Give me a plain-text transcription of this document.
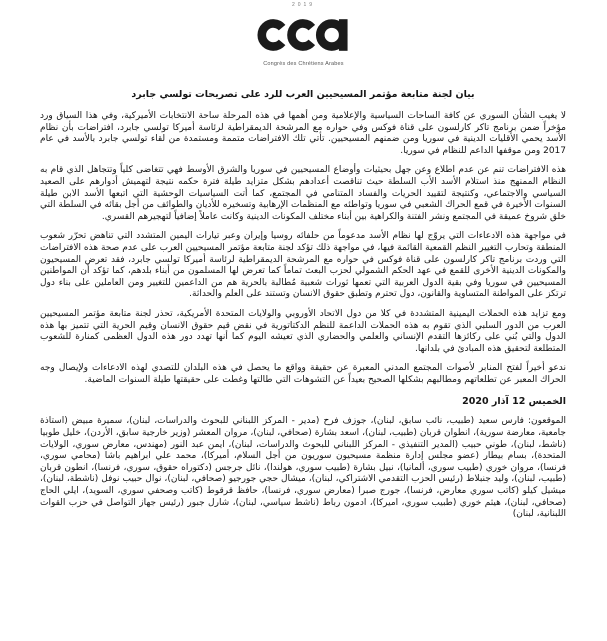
2019
Congrès des Chrétiens Arabes
بيان لجنة متابعة مؤتمر المسيحيين العرب للرد على تصريحات تولسي جابرد

لا يغيب الشأن السوري عن كافة الساحات السياسية والإعلامية ومن أهمها في هذه المرحلة ساحة الانتخابات الأميركية، وفي هذا السياق ورد مؤخراً ضمن برنامج تاكر كارلسون على قناة فوكس وفي حواره مع المرشحة الديمقراطية لرئاسة أميركا تولسي جابرد، افتراضات بأن نظام الأسد يحمي الأقليات الدينية في سوريا ومن ضمنهم المسيحيين. تأتي تلك الافتراضات متممة ومستمدة من لقاء تولسي جابرد بالأسد في عام 2017 ومن موقفها الداعم للنظام في سوريا.

هذه الافتراضات تنم عن عدم اطلاع وعن جهل بحيثيات وأوضاع المسيحيين في سوريا والشرق الأوسط فهي تتغاضى كلياً وتتجاهل الذي قام به النظام الممنهج منذ استلام الأسد الأب السلطة حيث تناقصت أعدادهم بشكل متزايد طيلة فترة حكمه نتيجة لتهميش أدوارهم على الصعيد السياسي والاجتماعي، وكنتيجة لتقييد الحريات والفساد المتنامي في المجتمع، كما أتت السياسيات الوحشية التي اتبعها الأسد الابن طيلة السنوات الأخيرة في قمع الحراك الشعبي في سوريا وتواطئه مع المنظمات الإرهابية وتسخيره للأديان والطوائف من أجل بقائه في السلطة التي خلق شروخ عميقة في المجتمع ونشر الفتنة والكراهية بين أبناء مختلف المكونات الدينية وكانت عاملاً إضافياً لتهجيرهم القسري.

في مواجهة هذه الادعاءات التي يروّج لها نظام الأسد مدعوماً من حلفائه روسيا وإيران وعبر تيارات اليمين المتشدد التي تناهض تحرّر شعوب المنطقة وتحارب التغيير النظم القمعية القائمة فيها، في مواجهة ذلك تؤكد لجنة متابعة مؤتمر المسيحيين العرب على عدم صحة هذه الافتراضات التي وردت برنامج تاكر كارلسون على قناة فوكس في حواره مع المرشحة الديمقراطية لرئاسة أميركا تولسي جابرد، فقد تعرض المسيحيون والمكونات الدينية الأخرى للقمع في عهد الحكم الشمولي لحزب البعث تماماً كما تعرض لها المسلمون من أبناء بلدهم، كما تؤكد أن المواطنين المسيحيين في سوريا وفي بقية الدول العربية التي تعمها ثورات شعبية مُطالبة بالحرية هم من الداعمين للتغيير ومن العاملين على بناء دول ترتكز على المواطنة المتساوية والقانون، دول تحترم وتطبق حقوق الانسان وتستند على العلم والحداثة.

ومع تزايد هذه الحملات اليمينية المتشددة في كلا من دول الاتحاد الأوروبي والولايات المتحدة الأمريكية، تحذر لجنة متابعة مؤتمر المسيحيين العرب من الدور السلبي الذي تقوم به هذه الحملات الداعمة للنظم الدكتاتورية في نقض قيم حقوق الانسان وقيم الحرية التي تتميز بها هذه الدول والتي بُني على ركائزها التقدم الإنساني والعلمي والحضاري الذي تعيشه اليوم كما أنها تهدد دور هذه الدول العظمى كمنارة للشعوب المتطلعة لتحقيق هذه المبادئ في بلدانها.

ندعو أخيراً لفتح المنابر لأصوات المجتمع المدني المعبرة عن حقيقة وواقع ما يحصل في هذه البلدان للتصدي لهذه الادعاءات ولإيصال وجه الحراك المعبر عن تطلعاتهم ومطالبهم بشكلها الصحيح بعيداً عن التشوهات التي طالتها وغطت على حقيقتها طيلة السنوات الماضية.

الخميس 12 آذار 2020

الموقعون: فارس سعيد (طبيب، نائب سابق، لبنان)، جوزف فرح (مدير - المركز اللبناني للبحوث والدراسات، لبنان)، سميرة مبيض (استاذة جامعية، معارضة سورية)، انطوان قربان (طبيب، لبنان)، اسعد بشارة (صحافي، لبنان)، مروان المعشر (وزير خارجية سابق، الأردن)، خليل طوبيا (ناشط، لبنان)، طوني حبيب (المدير التنفيذي - المركز اللبناني للبحوث والدراسات، لبنان)، ايمن عبد النور (مهندس، معارض سوري، الولايات المتحدة)، بسام بيطار (عضو مجلس إدارة منظمة مسيحيون سوريون من أجل السلام، أميركا)، محمد علي ابراهيم باشا (محامي سوري، فرنسا)، مروان خوري (طبيب سوري، ألمانيا)، نبيل بشارة (طبيب سوري، هولندا)، نائل جرجس (دكتوراه حقوق، سوري، فرنسا)، انطون قربان (طبيب، لبنان)، وليد جنبلاط (رئيس الحزب التقدمي الاشتراكي، لبنان)، ميشال حجي جورجيو (صحافي، لبنان)، نوال حبيب نوفل (ناشطة، لبنان)، ميشيل كيلو (كاتب سوري معارض، فرنسا)، جورج صبرا (معارض سوري، فرنسا)، حافظ قرقوط (كاتب وصحفي سوري، السويد)، ايلي الحاج (صحافي، لبنان)، هيثم خوري (طبيب سوري، اميركا)، ادمون رباط (ناشط سياسي، لبنان)، شارل جبور (رئيس جهاز التواصل في حزب القوات اللبنانية، لبنان)
